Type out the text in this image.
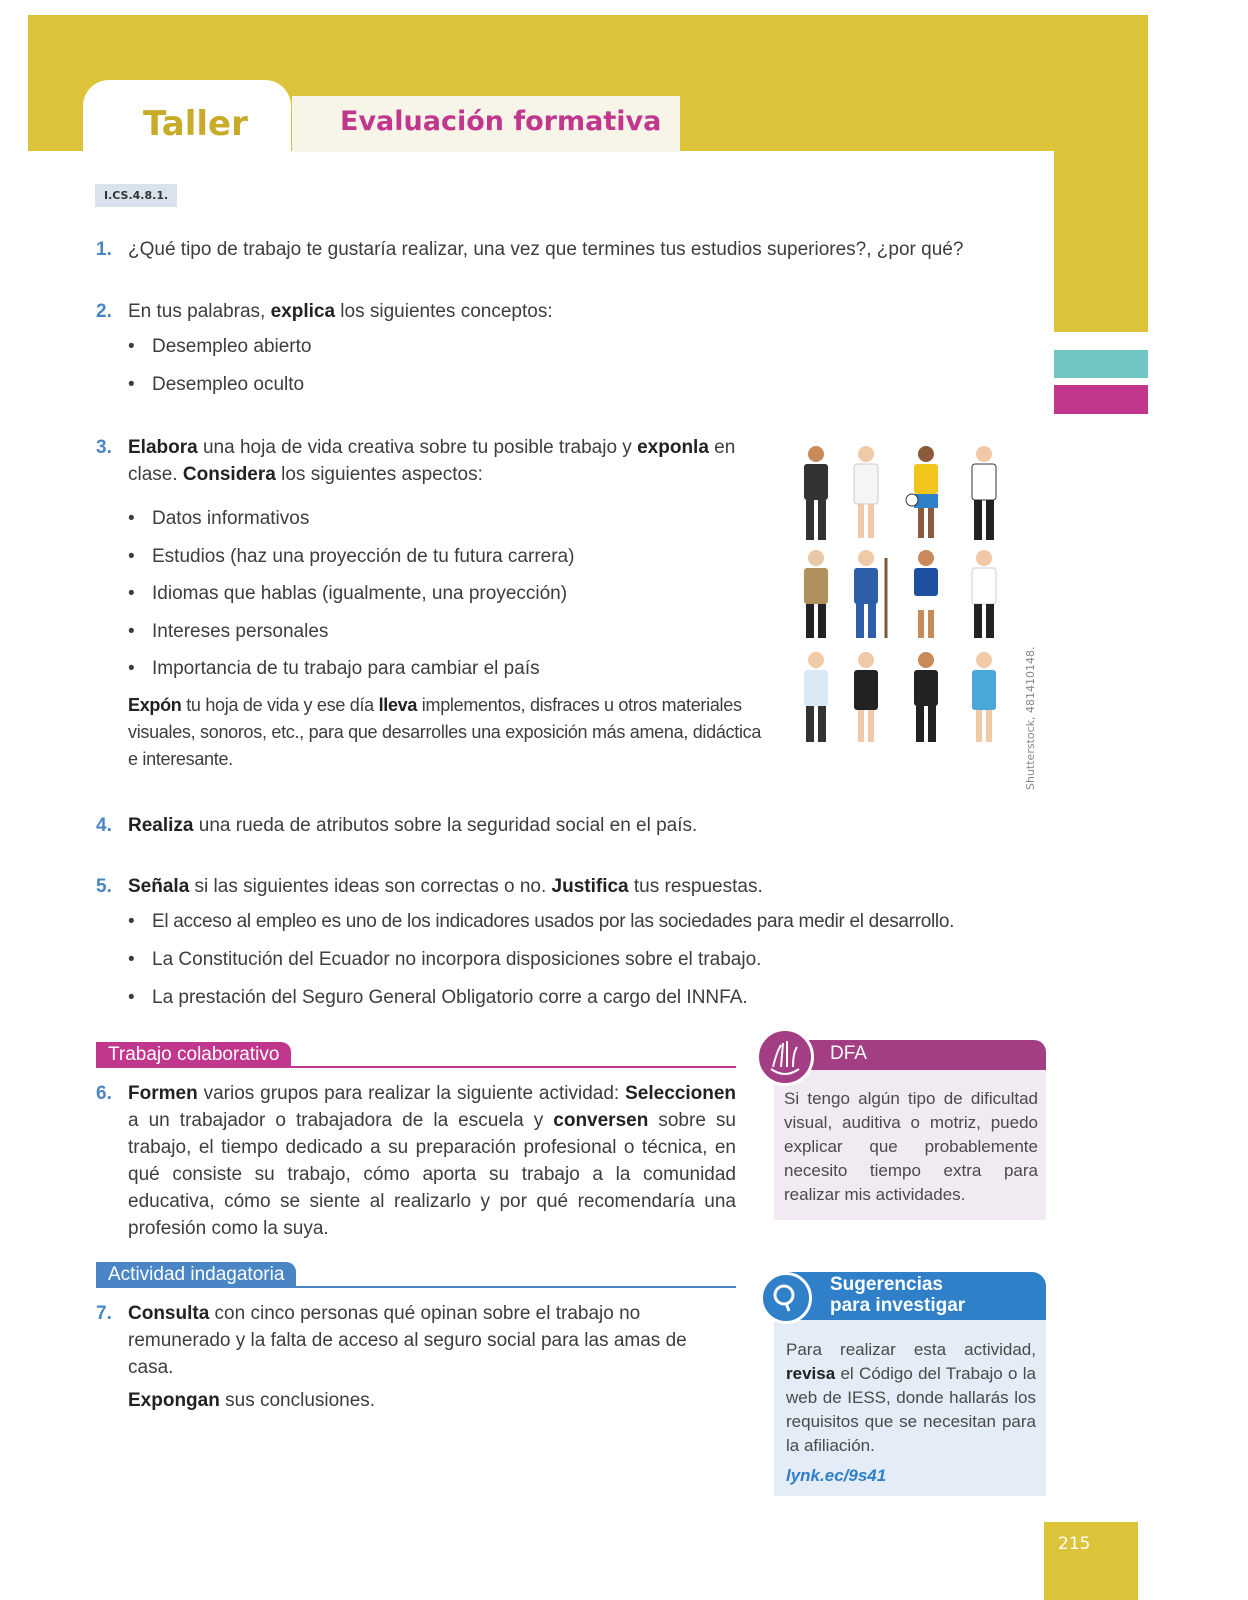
Taller	Evaluación formativa
I.CS.4.8.1.
1. ¿Qué tipo de trabajo te gustaría realizar, una vez que termines tus estudios superiores?, ¿por qué?
2. En tus palabras, explica los siguientes conceptos:
• Desempleo abierto
• Desempleo oculto
3. Elabora una hoja de vida creativa sobre tu posible trabajo y exponla en
clase. Considera los siguientes aspectos:
• Datos informativos
• Estudios (haz una proyección de tu futura carrera)
• Idiomas que hablas (igualmente, una proyección)
• Intereses personales
• Importancia de tu trabajo para cambiar el país
Expón tu hoja de vida y ese día lleva implementos, disfraces u otros materiales visuales, sonoros, etc., para que desarrolles una exposición más amena, didáctica e interesante.	Shutterstock, 481410148.
4. Realiza una rueda de atributos sobre la seguridad social en el país.
5. Señala si las siguientes ideas son correctas o no. Justifica tus respuestas.
• El acceso al empleo es uno de los indicadores usados por las sociedades para medir el desarrollo.
• La Constitución del Ecuador no incorpora disposiciones sobre el trabajo.
• La prestación del Seguro General Obligatorio corre a cargo del INNFA.
Trabajo colaborativo
6. Formen varios grupos para realizar la siguiente actividad: Seleccionen a un trabajador o trabajadora de la escuela y conversen sobre su trabajo, el tiempo dedicado a su preparación profesional o técnica, en qué consiste su trabajo, cómo aporta su trabajo a la comunidad educativa, cómo se siente al realizarlo y por qué recomendaría una profesión como la suya.
Actividad indagatoria
7. Consulta con cinco personas qué opinan sobre el trabajo no remunerado y la falta de acceso al seguro social para las amas de casa.
Expongan sus conclusiones.
DFA
Si tengo algún tipo de dificultad visual, auditiva o motriz, puedo explicar que probablemente necesito tiempo extra para realizar mis actividades.
Sugerencias
para investigar
Para realizar esta actividad, revisa el Código del Trabajo o la web de IESS, donde hallarás los requisitos que se necesitan para la afiliación.
lynk.ec/9s41
215
